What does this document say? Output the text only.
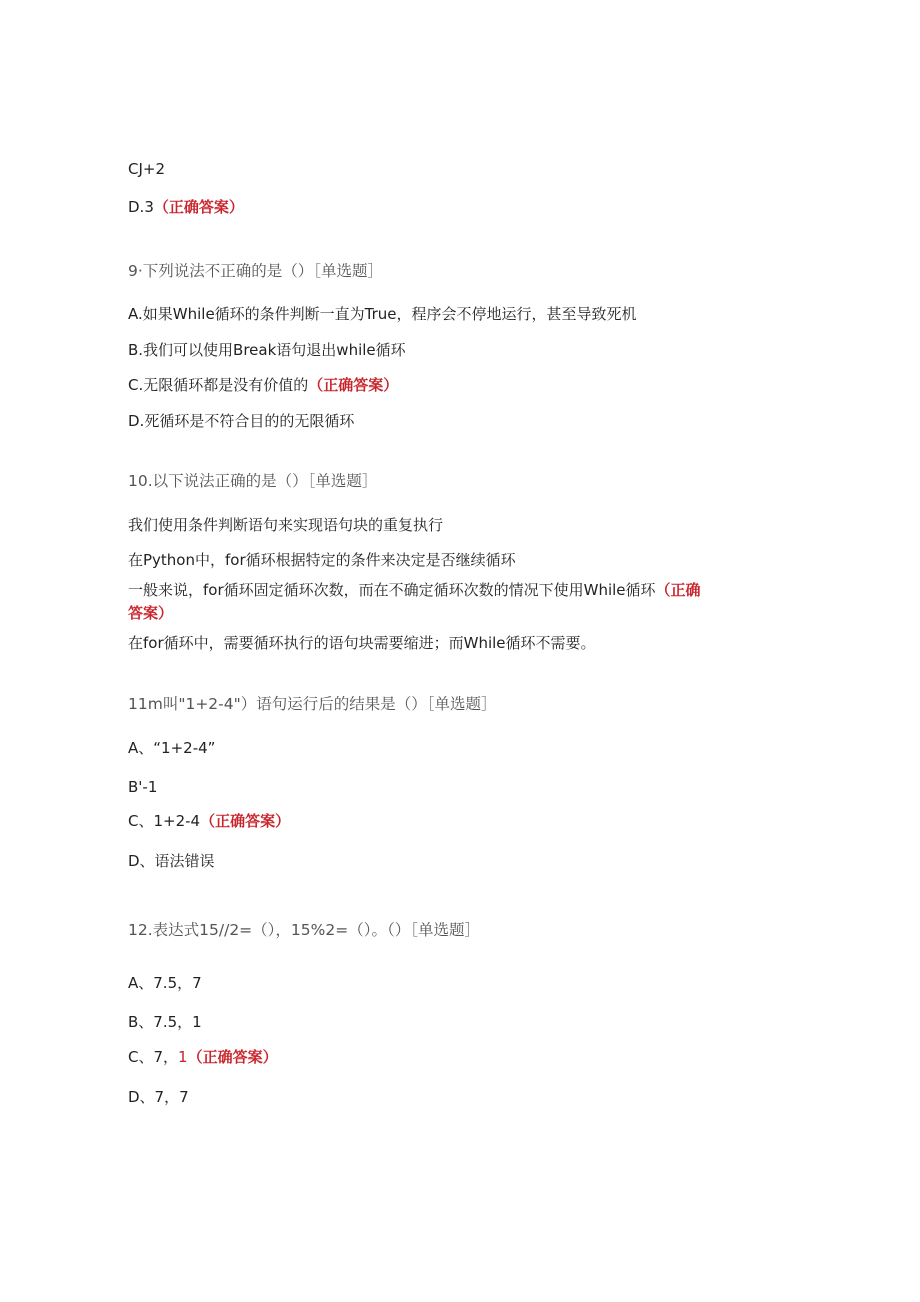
CJ+2
D.3（正确答案）
9·下列说法不正确的是（）［单选题］
A.如果While循环的条件判断一直为True，程序会不停地运行，甚至导致死机
B.我们可以使用Break语句退出while循环
C.无限循环都是没有价值的（正确答案）
D.死循环是不符合目的的无限循环
10.以下说法正确的是（）［单选题］
我们使用条件判断语句来实现语句块的重复执行
在Python中，for循环根据特定的条件来决定是否继续循环
一般来说，for循环固定循环次数，而在不确定循环次数的情况下使用While循环（正确
答案）
在for循环中，需要循环执行的语句块需要缩进；而While循环不需要。
11m叫"1+2-4"）语句运行后的结果是（）［单选题］
A、“1+2-4”
B'-1
C、1+2-4（正确答案）
D、语法错误
12.表达式15//2=（），15%2=（）。（）［单选题］
A、7.5，7
B、7.5，1
C、7，1（正确答案）
D、7，7
